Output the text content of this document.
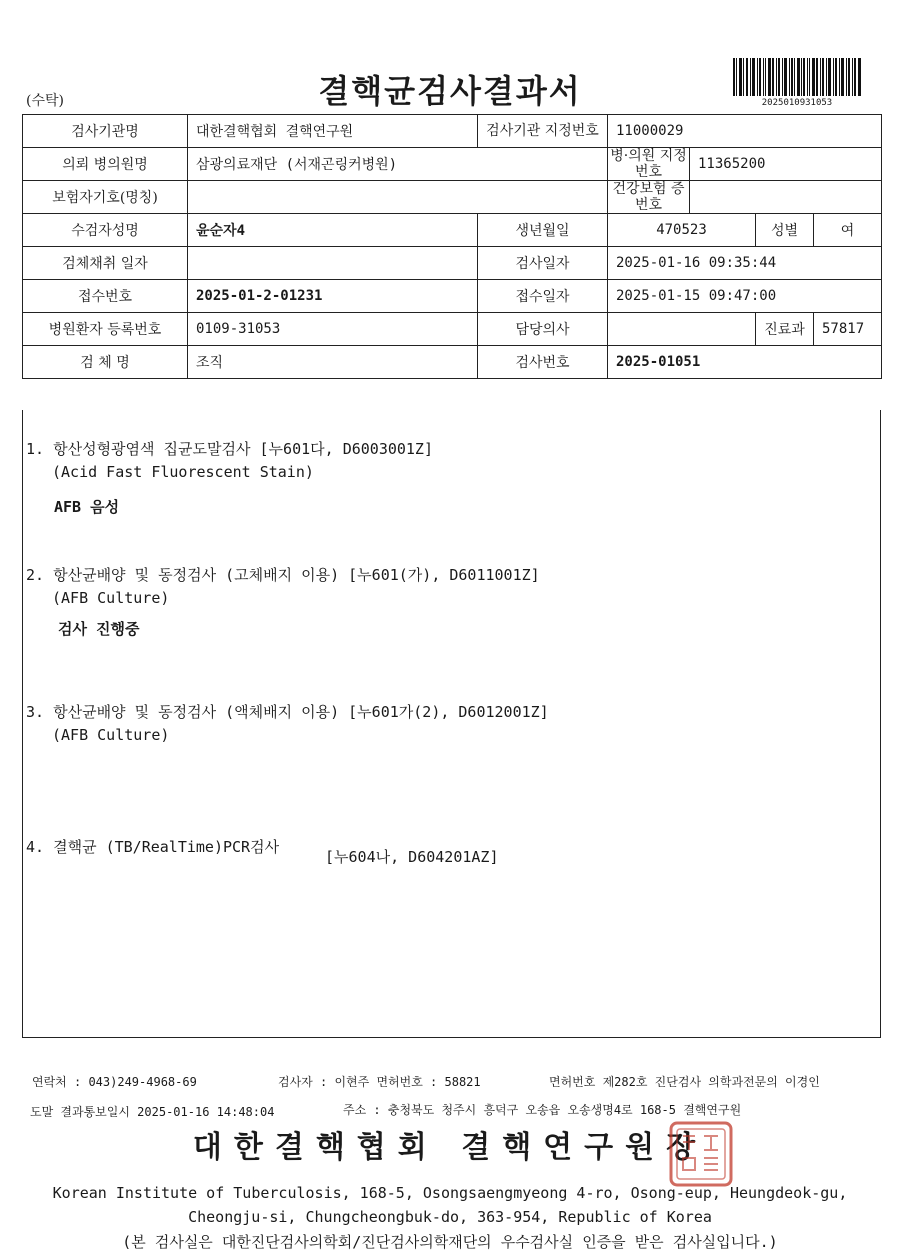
(수탁)	결핵균검사결과서	2025010931053
검사기관명	대한결핵협회 결핵연구원	검사기관 지정번호	11000029			
의뢰 병의원명	삼광의료재단 (서재곤링커병원)		병·의원 지정번호	11365200		
보험자기호(명칭)			건강보험 증번호			
수검자성명	윤순자4	생년월일	470523		성별	여
검체채취 일자		검사일자	2025-01-16 09:35:44			
접수번호	2025-01-2-01231	접수일자	2025-01-15 09:47:00			
병원환자 등록번호	0109-31053	담당의사			진료과	57817
검 체 명	조직	검사번호	2025-01051			
1. 항산성형광염색 집균도말검사 [누601다, D6003001Z]
(Acid Fast Fluorescent Stain)
AFB 음성
2. 항산균배양 및 동정검사 (고체배지 이용) [누601(가), D6011001Z]
(AFB Culture)
검사 진행중
3. 항산균배양 및 동정검사 (액체배지 이용) [누601가(2), D6012001Z]
(AFB Culture)
4. 결핵균 (TB/RealTime)PCR검사
[누604나, D604201AZ]
연락처 : 043)249-4968-69	검사자 : 이현주 면허번호 : 58821	면허번호 제282호 진단검사 의학과전문의 이경인
도말 결과통보일시 2025-01-16 14:48:04	주소 : 충청북도 청주시 흥덕구 오송읍 오송생명4로 168-5 결핵연구원
대한결핵협회 결핵연구원장
Korean Institute of Tuberculosis, 168-5, Osongsaengmyeong 4-ro, Osong-eup, Heungdeok-gu,
Cheongju-si, Chungcheongbuk-do, 363-954, Republic of Korea
(본 검사실은 대한진단검사의학회/진단검사의학재단의 우수검사실 인증을 받은 검사실입니다.)
